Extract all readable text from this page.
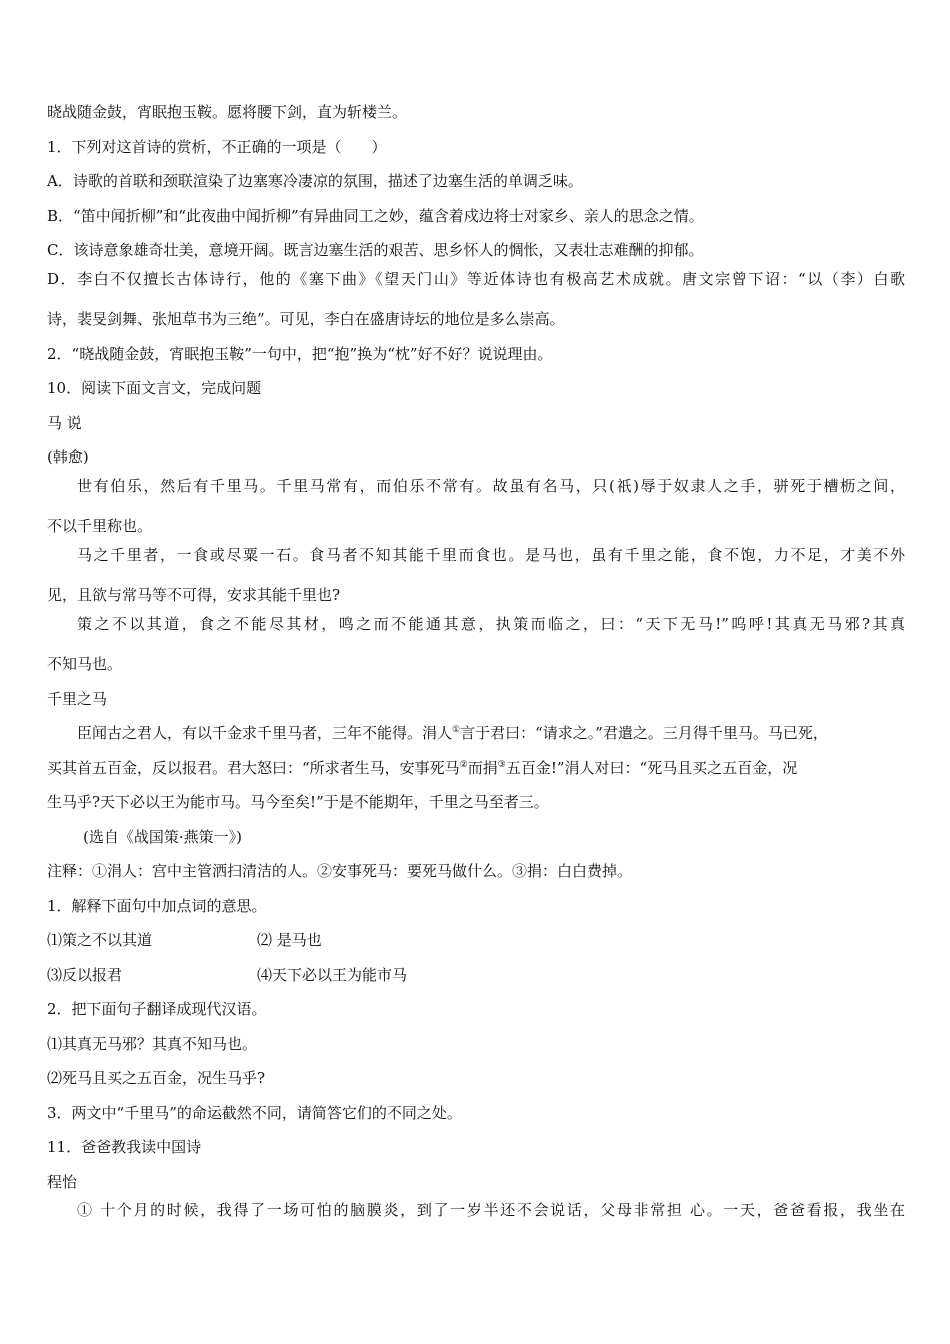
晓战随金鼓，宵眠抱玉鞍。愿将腰下剑，直为斩楼兰。
1．下列对这首诗的赏析，不正确的一项是（　　）
A．诗歌的首联和颈联渲染了边塞寒冷凄凉的氛围，描述了边塞生活的单调乏味。
B．“笛中闻折柳”和“此夜曲中闻折柳”有异曲同工之妙，蕴含着戍边将士对家乡、亲人的思念之情。
C．该诗意象雄奇壮美，意境开阔。既言边塞生活的艰苦、思乡怀人的惆怅，又表壮志难酬的抑郁。
D．李白不仅擅长古体诗行，他的《塞下曲》《望天门山》等近体诗也有极高艺术成就。唐文宗曾下诏：“以（李）白歌
诗，裴旻剑舞、张旭草书为三绝”。可见，李白在盛唐诗坛的地位是多么崇高。
2．“晓战随金鼓，宵眠抱玉鞍”一句中，把“抱”换为“枕”好不好？说说理由。
10．阅读下面文言文，完成问题
马 说
(韩愈)
世有伯乐，然后有千里马。千里马常有，而伯乐不常有。故虽有名马，只(祇)辱于奴隶人之手，骈死于槽枥之间，
不以千里称也。
马之千里者，一食或尽粟一石。食马者不知其能千里而食也。是马也，虽有千里之能，食不饱，力不足，才美不外
见，且欲与常马等不可得，安求其能千里也?
策之不以其道，食之不能尽其材，鸣之而不能通其意，执策而临之，曰：“天下无马!”呜呼!其真无马邪?其真
不知马也。
千里之马
臣闻古之君人，有以千金求千里马者，三年不能得。涓人①言于君曰：“请求之。”君遣之。三月得千里马。马已死，
买其首五百金，反以报君。君大怒曰：“所求者生马，安事死马②而捐③五百金!”涓人对曰：“死马且买之五百金，况
生马乎?天下必以王为能市马。马今至矣!”于是不能期年，千里之马至者三。
(选自《战国策·燕策一》)
注释：①涓人：宫中主管洒扫清洁的人。②安事死马：要死马做什么。③捐：白白费掉。
1．解释下面句中加点词的意思。
⑴策之不以其道	⑵ 是马也
⑶反以报君	⑷天下必以王为能市马
2．把下面句子翻译成现代汉语。
⑴其真无马邪？其真不知马也。
⑵死马且买之五百金，况生马乎?
3．两文中“千里马”的命运截然不同，请简答它们的不同之处。
11．爸爸教我读中国诗
程怡
① 十个月的时候，我得了一场可怕的脑膜炎，到了一岁半还不会说话，父母非常担 心。一天，爸爸看报，我坐在
